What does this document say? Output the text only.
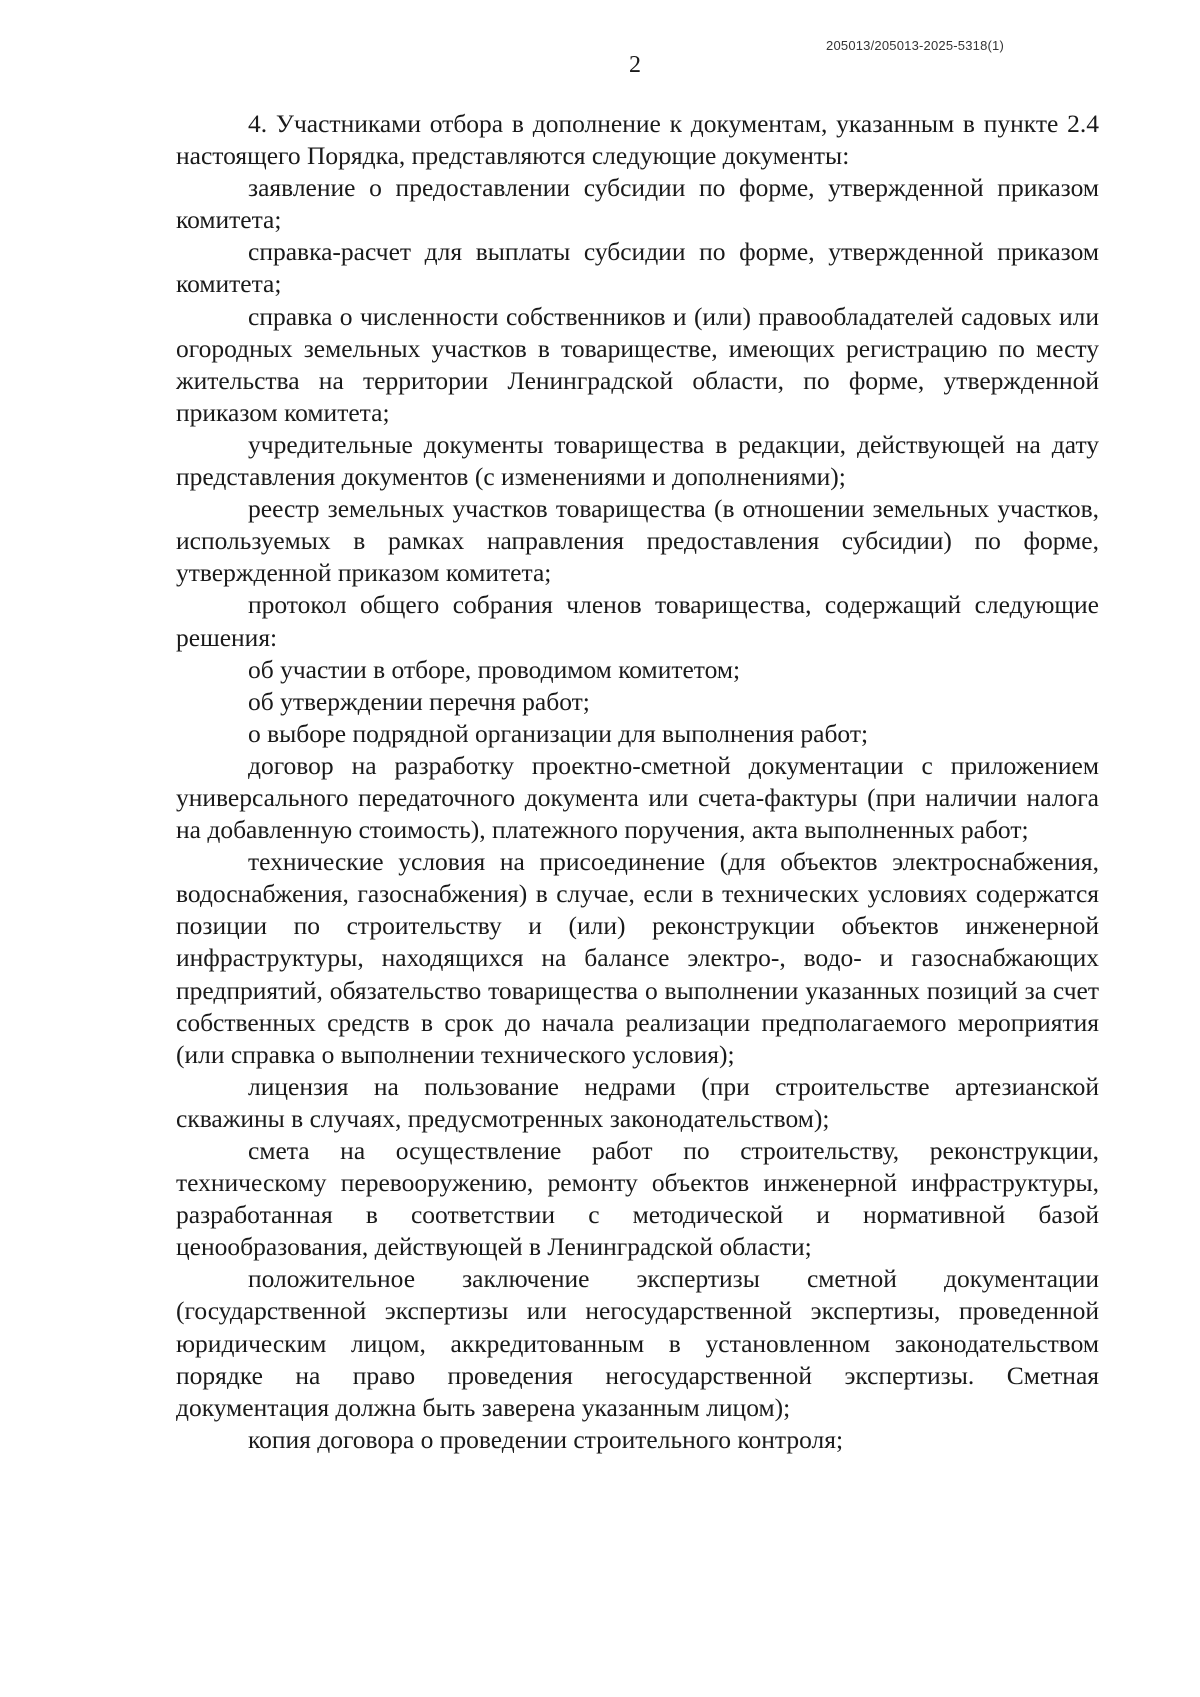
205013/205013-2025-5318(1)
2

4. Участниками отбора в дополнение к документам, указанным в пункте 2.4 настоящего Порядка, представляются следующие документы:

заявление о предоставлении субсидии по форме, утвержденной приказом комитета;

справка-расчет для выплаты субсидии по форме, утвержденной приказом комитета;

справка о численности собственников и (или) правообладателей садовых или огородных земельных участков в товариществе, имеющих регистрацию по месту жительства на территории Ленинградской области, по форме, утвержденной приказом комитета;

учредительные документы товарищества в редакции, действующей на дату представления документов (с изменениями и дополнениями);

реестр земельных участков товарищества (в отношении земельных участков, используемых в рамках направления предоставления субсидии) по форме, утвержденной приказом комитета;

протокол общего собрания членов товарищества, содержащий следующие решения:

об участии в отборе, проводимом комитетом;

об утверждении перечня работ;

о выборе подрядной организации для выполнения работ;

договор на разработку проектно-сметной документации с приложением универсального передаточного документа или счета-фактуры (при наличии налога на добавленную стоимость), платежного поручения, акта выполненных работ;

технические условия на присоединение (для объектов электроснабжения, водоснабжения, газоснабжения) в случае, если в технических условиях содержатся позиции по строительству и (или) реконструкции объектов инженерной инфраструктуры, находящихся на балансе электро-, водо- и газоснабжающих предприятий, обязательство товарищества о выполнении указанных позиций за счет собственных средств в срок до начала реализации предполагаемого мероприятия (или справка о выполнении технического условия);

лицензия на пользование недрами (при строительстве артезианской скважины в случаях, предусмотренных законодательством);

смета на осуществление работ по строительству, реконструкции, техническому перевооружению, ремонту объектов инженерной инфраструктуры, разработанная в соответствии с методической и нормативной базой ценообразования, действующей в Ленинградской области;

положительное заключение экспертизы сметной документации (государственной экспертизы или негосударственной экспертизы, проведенной юридическим лицом, аккредитованным в установленном законодательством порядке на право проведения негосударственной экспертизы. Сметная документация должна быть заверена указанным лицом);

копия договора о проведении строительного контроля;
